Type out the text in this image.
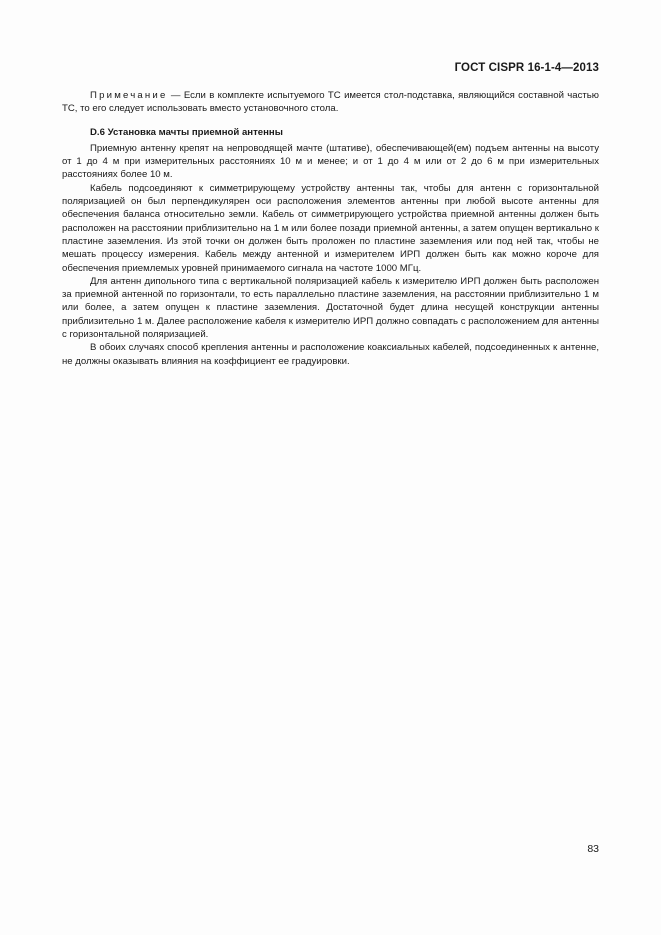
ГОСТ CISPR 16-1-4—2013

Примечание — Если в комплекте испытуемого ТС имеется стол-подставка, являющийся составной частью ТС, то его следует использовать вместо установочного стола.

D.6 Установка мачты приемной антенны

Приемную антенну крепят на непроводящей мачте (штативе), обеспечивающей(ем) подъем антенны на высоту от 1 до 4 м при измерительных расстояниях 10 м и менее; и от 1 до 4 м или от 2 до 6 м при измерительных расстояниях более 10 м.

Кабель подсоединяют к симметрирующему устройству антенны так, чтобы для антенн с горизонтальной поляризацией он был перпендикулярен оси расположения элементов антенны при любой высоте антенны для обеспечения баланса относительно земли. Кабель от симметрирующего устройства приемной антенны должен быть расположен на расстоянии приблизительно на 1 м или более позади приемной антенны, а затем опущен вертикально к пластине заземления. Из этой точки он должен быть проложен по пластине заземления или под ней так, чтобы не мешать процессу измерения. Кабель между антенной и измерителем ИРП должен быть как можно короче для обеспечения приемлемых уровней принимаемого сигнала на частоте 1000 МГц.

Для антенн дипольного типа с вертикальной поляризацией кабель к измерителю ИРП должен быть расположен за приемной антенной по горизонтали, то есть параллельно пластине заземления, на расстоянии приблизительно 1 м или более, а затем опущен к пластине заземления. Достаточной будет длина несущей конструкции антенны приблизительно 1 м. Далее расположение кабеля к измерителю ИРП должно совпадать с расположением для антенны с горизонтальной поляризацией.

В обоих случаях способ крепления антенны и расположение коаксиальных кабелей, подсоединенных к антенне, не должны оказывать влияния на коэффициент ее градуировки.

83
